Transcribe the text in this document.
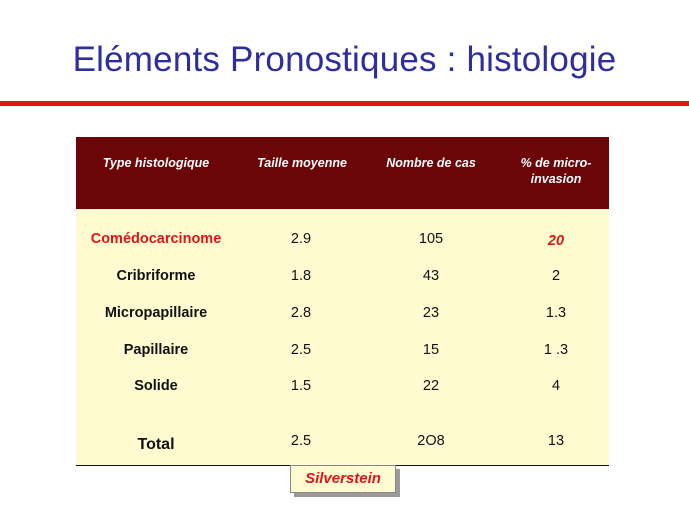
Eléments Pronostiques : histologie
Type histologique	Taille moyenne	Nombre de cas	% de micro-
invasion
Comédocarcinome	2.9	105	20
Cribriforme	1.8	43	2
Micropapillaire	2.8	23	1.3
Papillaire	2.5	15	1 .3
Solide	1.5	22	4
Total	2.5	2O8	13
Silverstein
